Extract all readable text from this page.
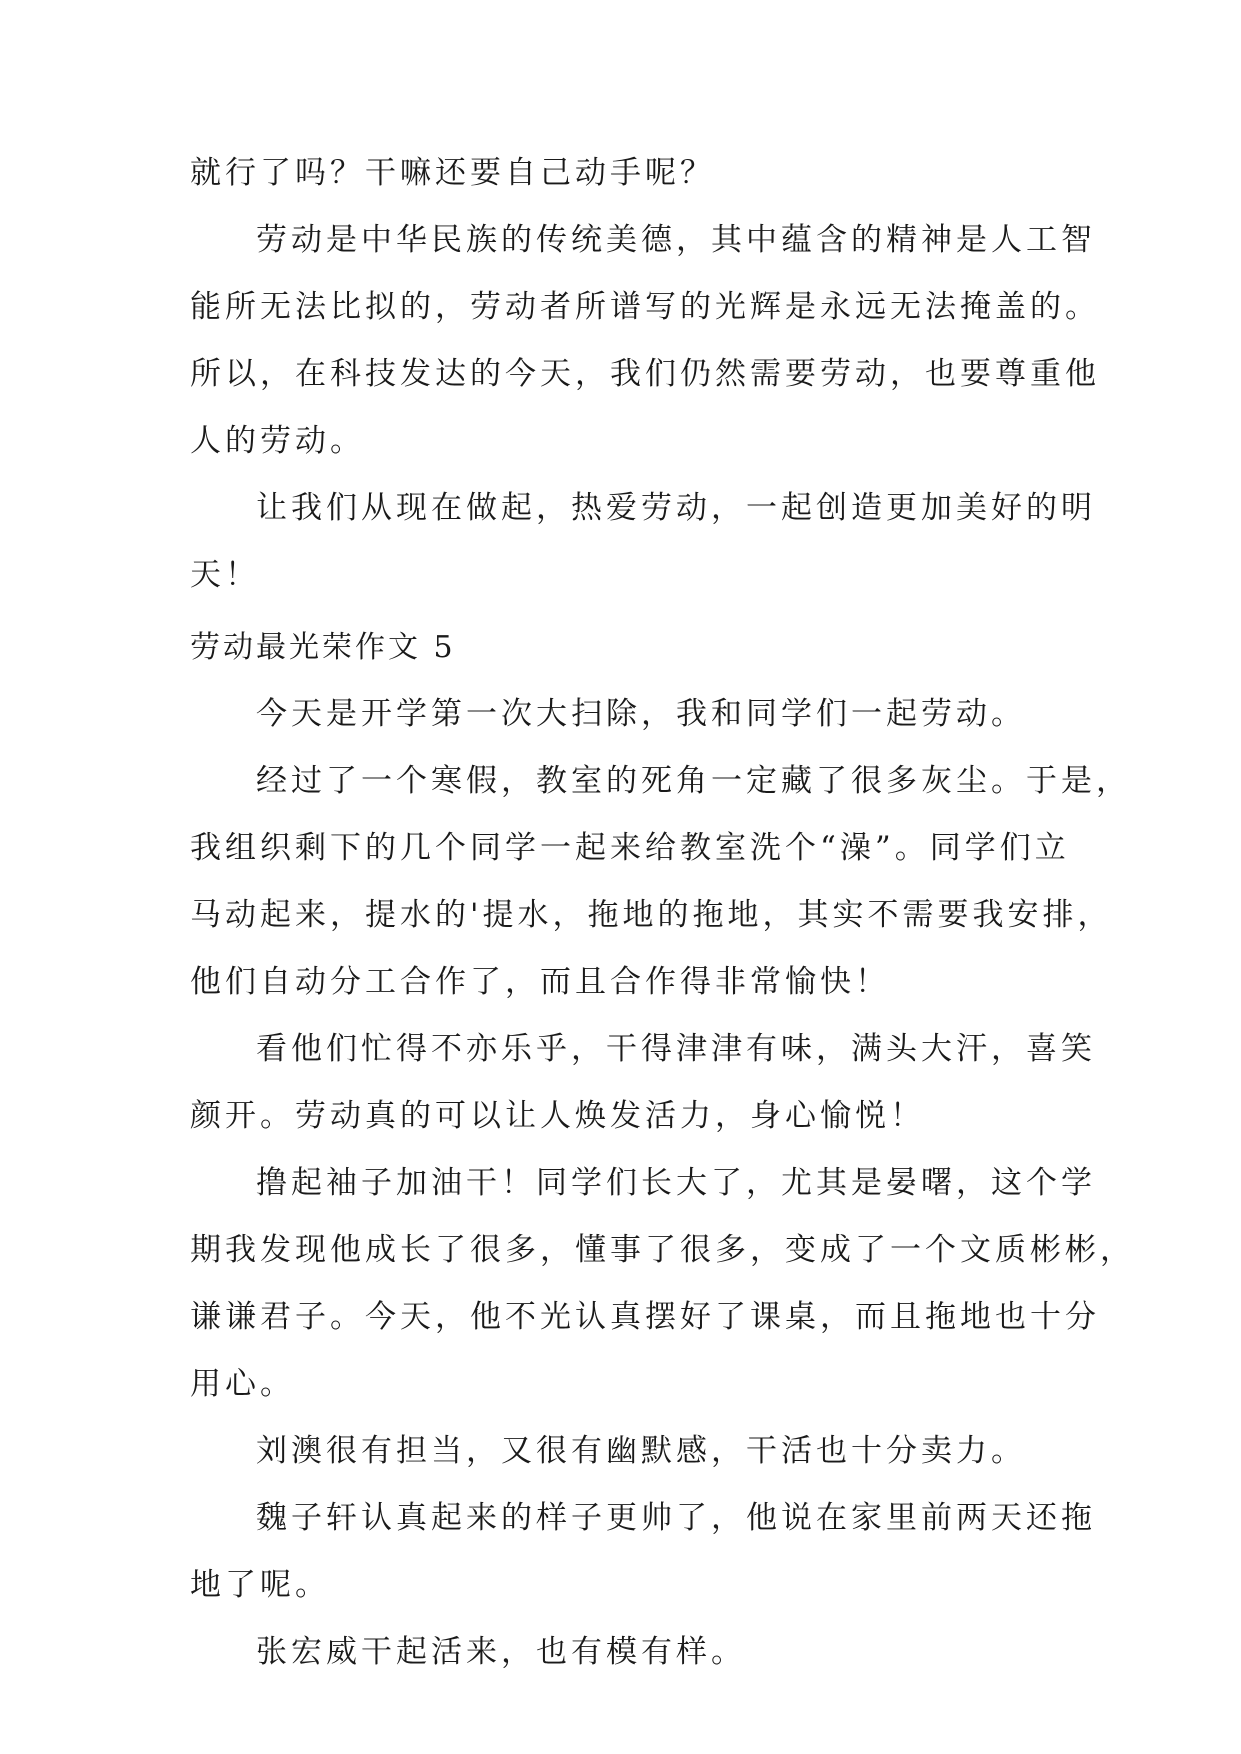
就行了吗？干嘛还要自己动手呢？
劳动是中华民族的传统美德，其中蕴含的精神是人工智
能所无法比拟的，劳动者所谱写的光辉是永远无法掩盖的。
所以，在科技发达的今天，我们仍然需要劳动，也要尊重他
人的劳动。
让我们从现在做起，热爱劳动，一起创造更加美好的明
天！
劳动最光荣作文 5
今天是开学第一次大扫除，我和同学们一起劳动。
经过了一个寒假，教室的死角一定藏了很多灰尘。于是，
我组织剩下的几个同学一起来给教室洗个“澡”。同学们立
马动起来，提水的'提水，拖地的拖地，其实不需要我安排，
他们自动分工合作了，而且合作得非常愉快！
看他们忙得不亦乐乎，干得津津有味，满头大汗，喜笑
颜开。劳动真的可以让人焕发活力，身心愉悦！
撸起袖子加油干！同学们长大了，尤其是晏曙，这个学
期我发现他成长了很多，懂事了很多，变成了一个文质彬彬，
谦谦君子。今天，他不光认真摆好了课桌，而且拖地也十分
用心。
刘澳很有担当，又很有幽默感，干活也十分卖力。
魏子轩认真起来的样子更帅了，他说在家里前两天还拖
地了呢。
张宏威干起活来，也有模有样。
